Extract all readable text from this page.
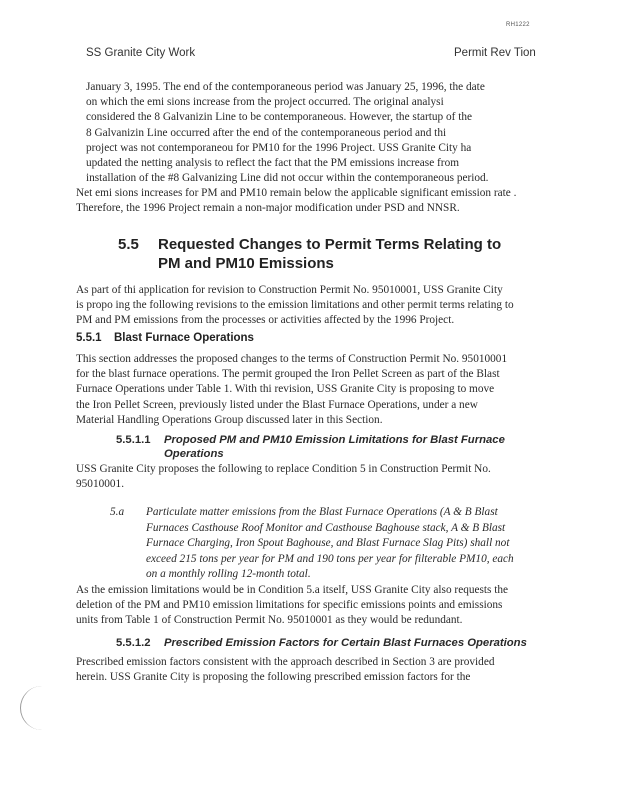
RH1222
SS Granite City Work	Permit Rev Tion
January 3, 1995. The end of the contemporaneous period was January 25, 1996, the date
on which the emi sions increase from the project occurred. The original analysi
considered the 8 Galvanizin Line to be contemporaneous. However, the startup of the
8 Galvanizin Line occurred after the end of the contemporaneous period and thi
project was not contemporaneou for PM10 for the 1996 Project. USS Granite City ha
updated the netting analysis to reflect the fact that the PM emissions increase from
installation of the #8 Galvanizing Line did not occur within the contemporaneous period.
Net emi sions increases for PM and PM10 remain below the applicable significant emission rate .
Therefore, the 1996 Project remain a non-major modification under PSD and NNSR.
5.5 Requested Changes to Permit Terms Relating to
PM and PM10 Emissions
As part of thi application for revision to Construction Permit No. 95010001, USS Granite City
is propo ing the following revisions to the emission limitations and other permit terms relating to
PM and PM emissions from the processes or activities affected by the 1996 Project.
5.5.1 Blast Furnace Operations
This section addresses the proposed changes to the terms of Construction Permit No. 95010001
for the blast furnace operations. The permit grouped the Iron Pellet Screen as part of the Blast
Furnace Operations under Table 1. With thi revision, USS Granite City is proposing to move
the Iron Pellet Screen, previously listed under the Blast Furnace Operations, under a new
Material Handling Operations Group discussed later in this Section.
5.5.1.1 Proposed PM and PM10 Emission Limitations for Blast Furnace
Operations
USS Granite City proposes the following to replace Condition 5 in Construction Permit No.
95010001.
5.a Particulate matter emissions from the Blast Furnace Operations (A & B Blast
Furnaces Casthouse Roof Monitor and Casthouse Baghouse stack, A & B Blast
Furnace Charging, Iron Spout Baghouse, and Blast Furnace Slag Pits) shall not
exceed 215 tons per year for PM and 190 tons per year for filterable PM10, each
on a monthly rolling 12-month total.
As the emission limitations would be in Condition 5.a itself, USS Granite City also requests the
deletion of the PM and PM10 emission limitations for specific emissions points and emissions
units from Table 1 of Construction Permit No. 95010001 as they would be redundant.
5.5.1.2 Prescribed Emission Factors for Certain Blast Furnaces Operations
Prescribed emission factors consistent with the approach described in Section 3 are provided
herein. USS Granite City is proposing the following prescribed emission factors for the
